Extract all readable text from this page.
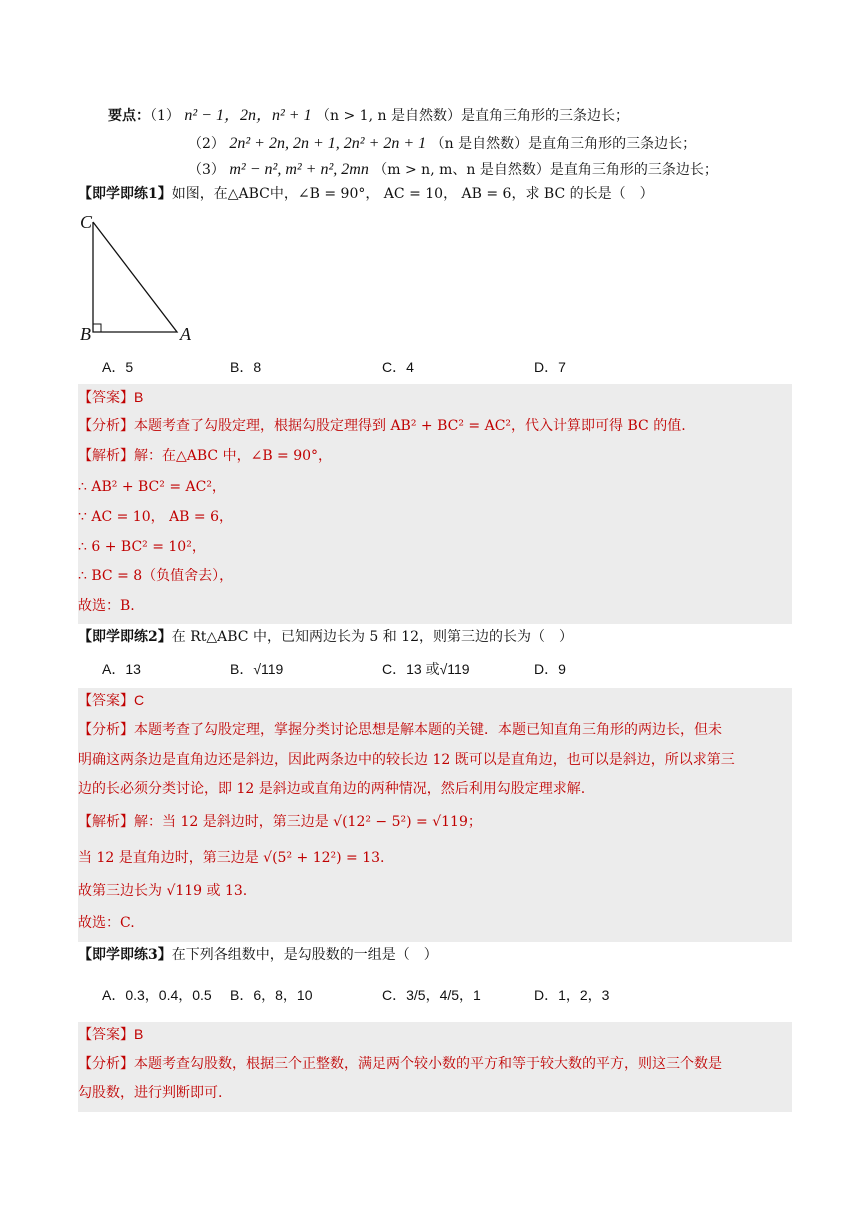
要点：（1） n² − 1，2n，n² + 1 （n > 1, n 是自然数）是直角三角形的三条边长；
（2） 2n² + 2n, 2n + 1, 2n² + 2n + 1 （n 是自然数）是直角三角形的三条边长；
（3） m² − n², m² + n², 2mn （m > n, m、n 是自然数）是直角三角形的三条边长；
【即学即练1】如图，在△ABC中，∠B = 90°， AC = 10， AB = 6，求 BC 的长是（　）
C
B	A
A．5	B．8	C．4	D．7
【答案】B
【分析】本题考查了勾股定理，根据勾股定理得到 AB² + BC² = AC²，代入计算即可得 BC 的值.
【解析】解：在△ABC 中，∠B = 90°，
∴ AB² + BC² = AC²，
∵ AC = 10， AB = 6，
∴ 6 + BC² = 10²，
∴ BC = 8（负值舍去），
故选：B.
【即学即练2】在 Rt△ABC 中，已知两边长为 5 和 12，则第三边的长为（　）
A．13	B．√119	C．13 或√119	D．9
【答案】C
【分析】本题考查了勾股定理，掌握分类讨论思想是解本题的关键．本题已知直角三角形的两边长，但未
明确这两条边是直角边还是斜边，因此两条边中的较长边 12 既可以是直角边，也可以是斜边，所以求第三
边的长必须分类讨论，即 12 是斜边或直角边的两种情况，然后利用勾股定理求解.
【解析】解：当 12 是斜边时，第三边是 √(12² − 5²) = √119；
当 12 是直角边时，第三边是 √(5² + 12²) = 13.
故第三边长为 √119 或 13.
故选：C.
【即学即练3】在下列各组数中，是勾股数的一组是（　）
A．0.3，0.4，0.5 B．6，8，10	C．3/5，4/5，1	D．1，2，3
【答案】B
【分析】本题考查勾股数，根据三个正整数，满足两个较小数的平方和等于较大数的平方，则这三个数是
勾股数，进行判断即可.
